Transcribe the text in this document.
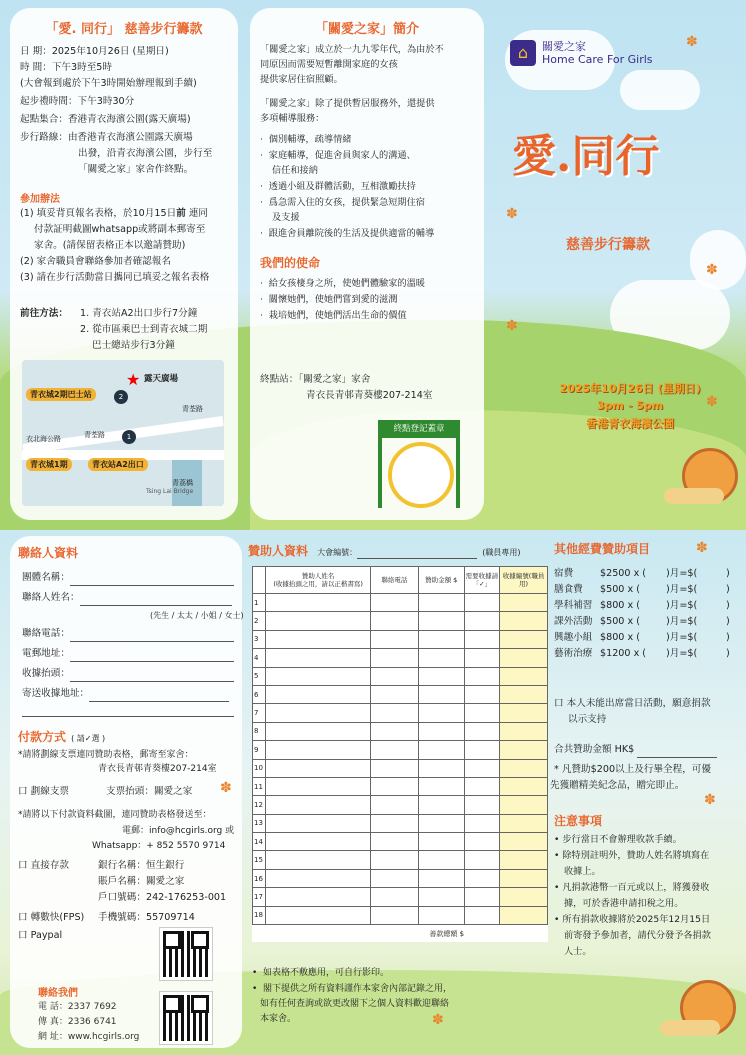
「愛. 同行」 慈善步行籌款
日 期：2025年10月26日 (星期日)
時 間：下午3時至5時
(大會報到處於下午3時開始辦理報到手續)
起步禮時間：下午3時30分
起點集合：香港青衣海濱公園(露天廣場)
步行路線：由香港青衣海濱公園露天廣場
出發，沿青衣海濱公園，步行至
「關愛之家」家舍作終點。
參加辦法
(1) 填妥背頁報名表格，於10月15日前 連同
付款証明截圖whatsapp或將副本郵寄至
家舍。(請保留表格正本以邀請贊助)
(2) 家舍職員會聯絡參加者確認報名
(3) 請在步行活動當日攜同已填妥之報名表格
前往方法： 1. 青衣站A2出口步行7分鐘
2. 從市區乘巴士到青衣城二期
巴士總站步行3分鐘
★ 露天廣場
青衣城2期巴士站	2
1
青荃路
衣北海公路	青荃路
青衣城1期	青衣站A2出口
青荔橋
Tsing Lai Bridge
「關愛之家」簡介
「關愛之家」成立於一九九零年代，為由於不
同原因而需要短暫離開家庭的女孩
提供家居住宿照顧。
「關愛之家」除了提供暫居服務外，還提供
多項輔導服務：
·  個別輔導，疏導情緒
·  家庭輔導，促進舍員與家人的溝通、
信任和接納
·  透過小組及群體活動，互相激勵扶持
·  爲急需入住的女孩，提供緊急短期住宿
及支援
·  跟進舍員離院後的生活及提供適當的輔導
我們的使命
·  給女孩棲身之所，使她們體驗家的溫暖
·  關懷她們，使她們嘗到愛的滋潤
·  栽培她們，使她們活出生命的價值
終點站：「關愛之家」家舍
青衣長青邨青葵樓207-214室
終點登記蓋章
⌂	關愛之家
Home Care For Girls
愛.同行
慈善步行籌款
2025年10月26日 (星期日)
3pm - 5pm
香港青衣海濱公園
✽
✽
✽
✽
✽
聯絡人資料
團體名稱：
聯絡人姓名：
(先生 / 太太 / 小姐 / 女士)
聯絡電話：
電郵地址：
收據抬頭：
寄送收據地址：
付款方式 ( 請✓選 )
*請將劃線支票連同贊助表格，郵寄至家舍：
青衣長青邨青葵樓207-214室
口 劃線支票	支票抬頭：關愛之家
*請將以下付款資料截圖，連同贊助表格發送至：
電郵：info@hcgirls.org 或
Whatsapp：+ 852 5570 9714
口 直接存款	銀行名稱：恒生銀行
賬戶名稱：關愛之家
戶口號碼：242-176253-001
口 轉數快(FPS) 手機號碼：55709714
口 Paypal
聯絡我們
電 話：2337 7692
傳 真：2336 6741
網 址：www.hcgirls.org
✽
贊助人資料 大會編號：	(職員專用)
	贊助人姓名
(收據抬頭之用，請以正楷書寫)	聯絡電話	贊助金額 $	需要收據請「✓」	收據編號(職員用)
1					
2					
3					
4					
5					
6					
7					
8					
9					
10					
11					
12					
13					
14					
15					
16					
17					
18					
善款總額 $					
•  如表格不敷應用，可自行影印。
•  閣下提供之所有資料謹作本家舍內部記錄之用，
如有任何查詢或欲更改閣下之個人資料歡迎聯絡
本家舍。	✽
其他經費贊助項目	✽
宿費	$2500 x ( )月=$(	)
膳食費 $500 x (	)月=$(	)
學科補習 $800 x (	)月=$(	)
課外活動 $500 x (	)月=$(	)
興趣小組 $800 x (	)月=$(	)
藝術治療 $1200 x ( )月=$(	)
口 本人未能出席當日活動，願意捐款
以示支持
合共贊助金額 HK$
* 凡贊助$200以上及行畢全程，可優
先獲贈精美紀念品，贈完即止。
✽
注意事項
• 步行當日不會辦理收款手續。
• 除特別註明外，贊助人姓名將填寫在
收據上。
• 凡捐款港幣一百元或以上，將獲發收
據，可於香港申請扣稅之用。
• 所有捐款收據將於2025年12月15日
前寄發予參加者，請代分發予各捐款
人士。
